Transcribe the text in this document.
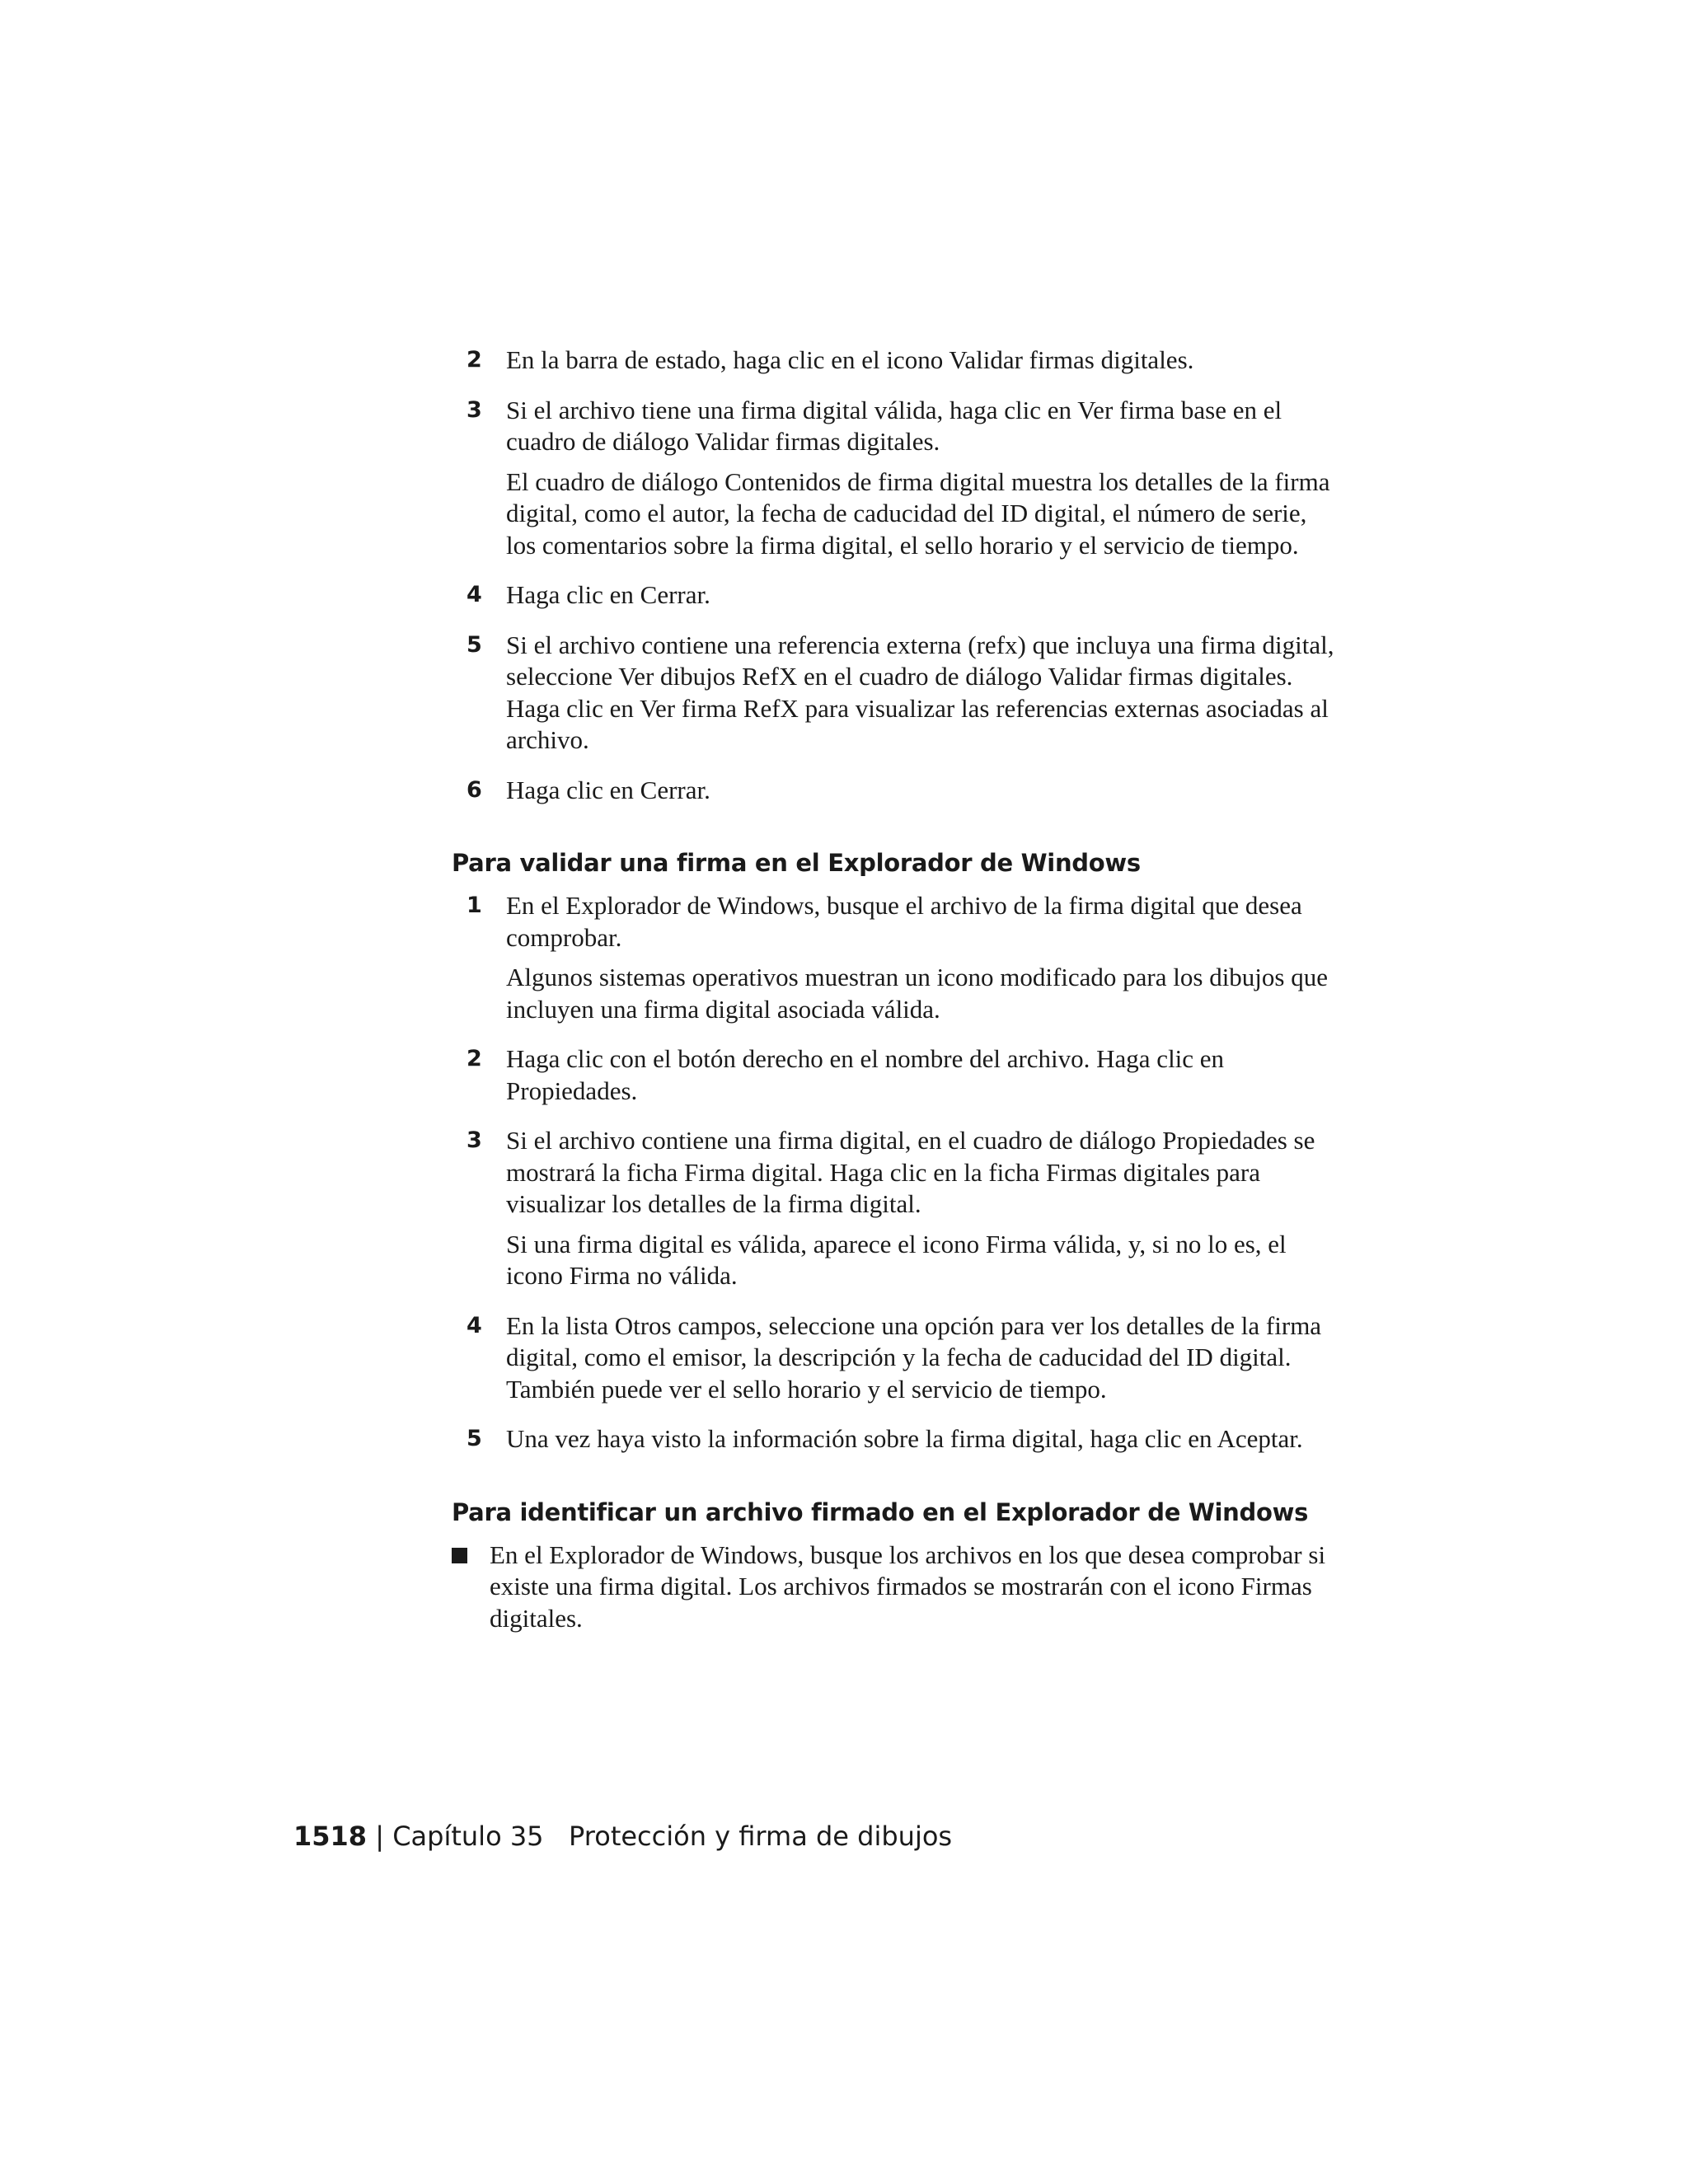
2 En la barra de estado, haga clic en el icono Validar firmas digitales.

3 Si el archivo tiene una firma digital válida, haga clic en Ver firma base en el cuadro de diálogo Validar firmas digitales.

El cuadro de diálogo Contenidos de firma digital muestra los detalles de la firma digital, como el autor, la fecha de caducidad del ID digital, el número de serie, los comentarios sobre la firma digital, el sello horario y el servicio de tiempo.

4 Haga clic en Cerrar.

5 Si el archivo contiene una referencia externa (refx) que incluya una firma digital, seleccione Ver dibujos RefX en el cuadro de diálogo Validar firmas digitales. Haga clic en Ver firma RefX para visualizar las referencias externas asociadas al archivo.

6 Haga clic en Cerrar.

Para validar una firma en el Explorador de Windows
1 En el Explorador de Windows, busque el archivo de la firma digital que desea comprobar.

Algunos sistemas operativos muestran un icono modificado para los dibujos que incluyen una firma digital asociada válida.

2 Haga clic con el botón derecho en el nombre del archivo. Haga clic en Propiedades.

3 Si el archivo contiene una firma digital, en el cuadro de diálogo Propiedades se mostrará la ficha Firma digital. Haga clic en la ficha Firmas digitales para visualizar los detalles de la firma digital.

Si una firma digital es válida, aparece el icono Firma válida, y, si no lo es, el icono Firma no válida.

4 En la lista Otros campos, seleccione una opción para ver los detalles de la firma digital, como el emisor, la descripción y la fecha de caducidad del ID digital. También puede ver el sello horario y el servicio de tiempo.

5 Una vez haya visto la información sobre la firma digital, haga clic en Aceptar.

Para identificar un archivo firmado en el Explorador de Windows
En el Explorador de Windows, busque los archivos en los que desea comprobar si existe una firma digital. Los archivos firmados se mostrarán con el icono Firmas digitales.
1518 | Capítulo 35 Protección y firma de dibujos
